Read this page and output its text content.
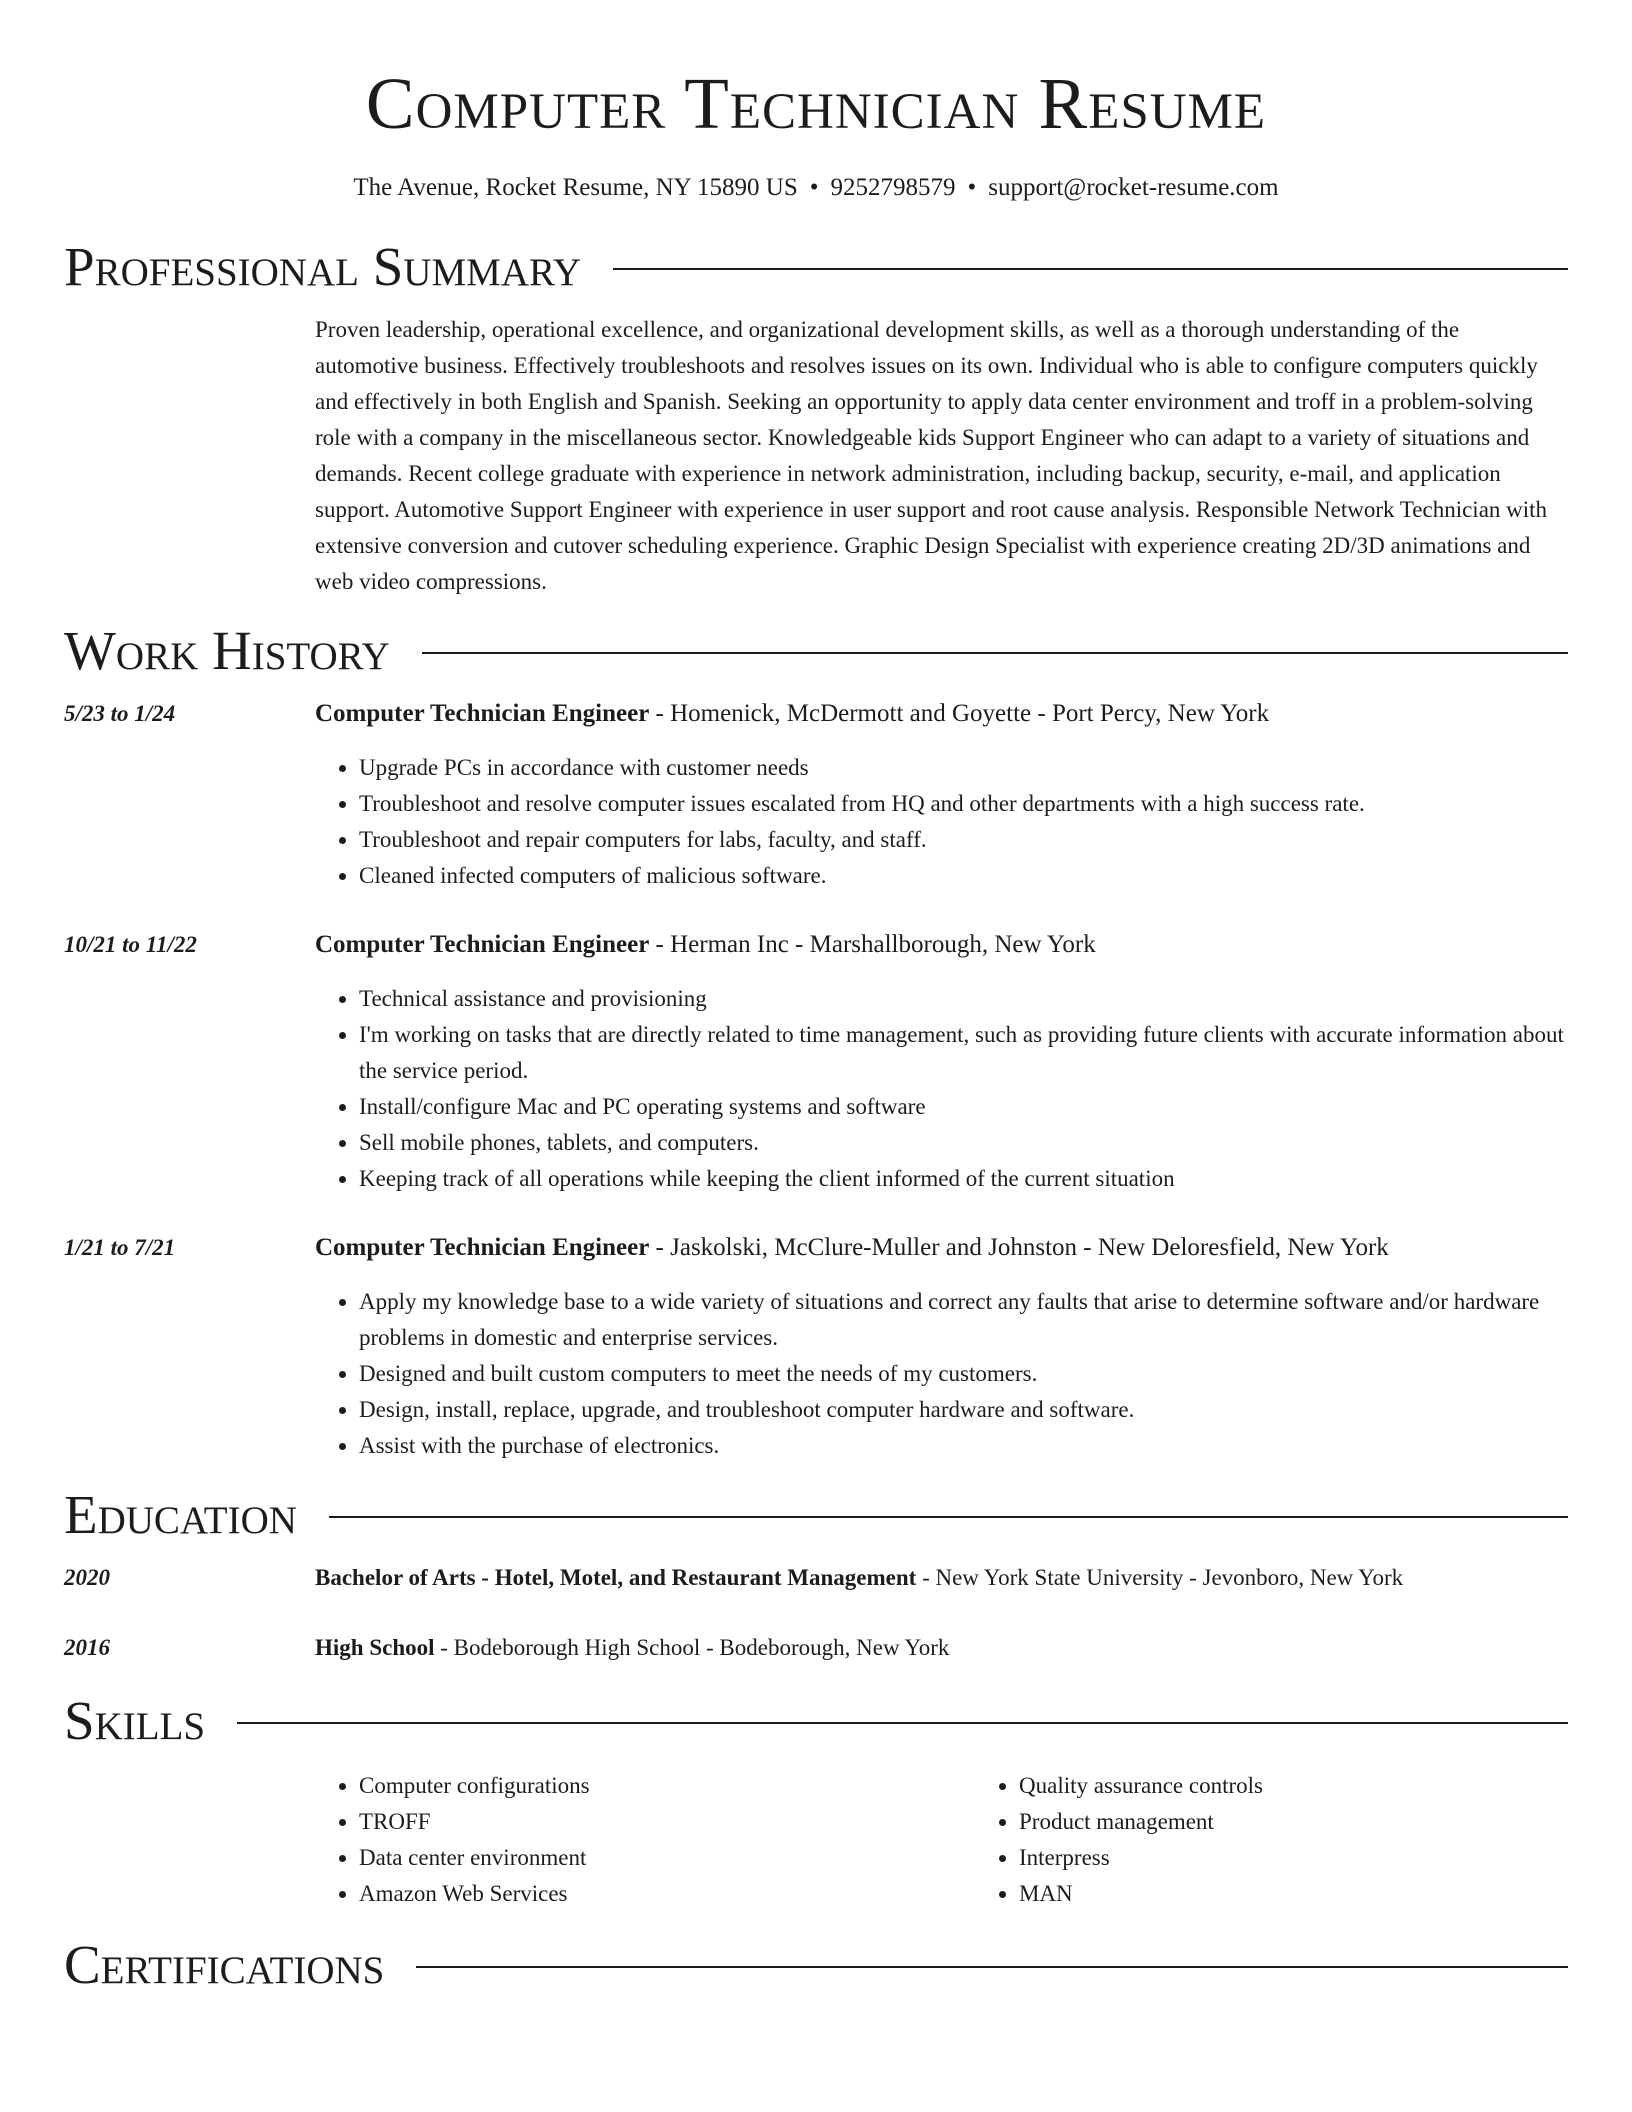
Computer Technician Resume
The Avenue, Rocket Resume, NY 15890 US • 9252798579 • support@rocket-resume.com
Professional Summary

Proven leadership, operational excellence, and organizational development skills, as well as a thorough understanding of the automotive business. Effectively troubleshoots and resolves issues on its own. Individual who is able to configure computers quickly and effectively in both English and Spanish. Seeking an opportunity to apply data center environment and troff in a problem-solving role with a company in the miscellaneous sector. Knowledgeable kids Support Engineer who can adapt to a variety of situations and demands. Recent college graduate with experience in network administration, including backup, security, e-mail, and application support. Automotive Support Engineer with experience in user support and root cause analysis. Responsible Network Technician with extensive conversion and cutover scheduling experience. Graphic Design Specialist with experience creating 2D/3D animations and web video compressions.

Work History
5/23 to 1/24	Computer Technician Engineer - Homenick, McDermott and Goyette - Port Percy, New York
• Upgrade PCs in accordance with customer needs
• Troubleshoot and resolve computer issues escalated from HQ and other departments with a high success rate.
• Troubleshoot and repair computers for labs, faculty, and staff.
• Cleaned infected computers of malicious software.
10/21 to 11/22	Computer Technician Engineer - Herman Inc - Marshallborough, New York
• Technical assistance and provisioning
• I'm working on tasks that are directly related to time management, such as providing future clients with accurate information about the service period.
• Install/configure Mac and PC operating systems and software
• Sell mobile phones, tablets, and computers.
• Keeping track of all operations while keeping the client informed of the current situation
1/21 to 7/21	Computer Technician Engineer - Jaskolski, McClure-Muller and Johnston - New Deloresfield, New York
• Apply my knowledge base to a wide variety of situations and correct any faults that arise to determine software and/or hardware problems in domestic and enterprise services.
• Designed and built custom computers to meet the needs of my customers.
• Design, install, replace, upgrade, and troubleshoot computer hardware and software.
• Assist with the purchase of electronics.
Education
2020	Bachelor of Arts - Hotel, Motel, and Restaurant Management - New York State University - Jevonboro, New York
2016	High School - Bodeborough High School - Bodeborough, New York
Skills
• Computer configurations
• TROFF
• Data center environment
• Amazon Web Services
• Quality assurance controls
• Product management
• Interpress
• MAN
Certifications
